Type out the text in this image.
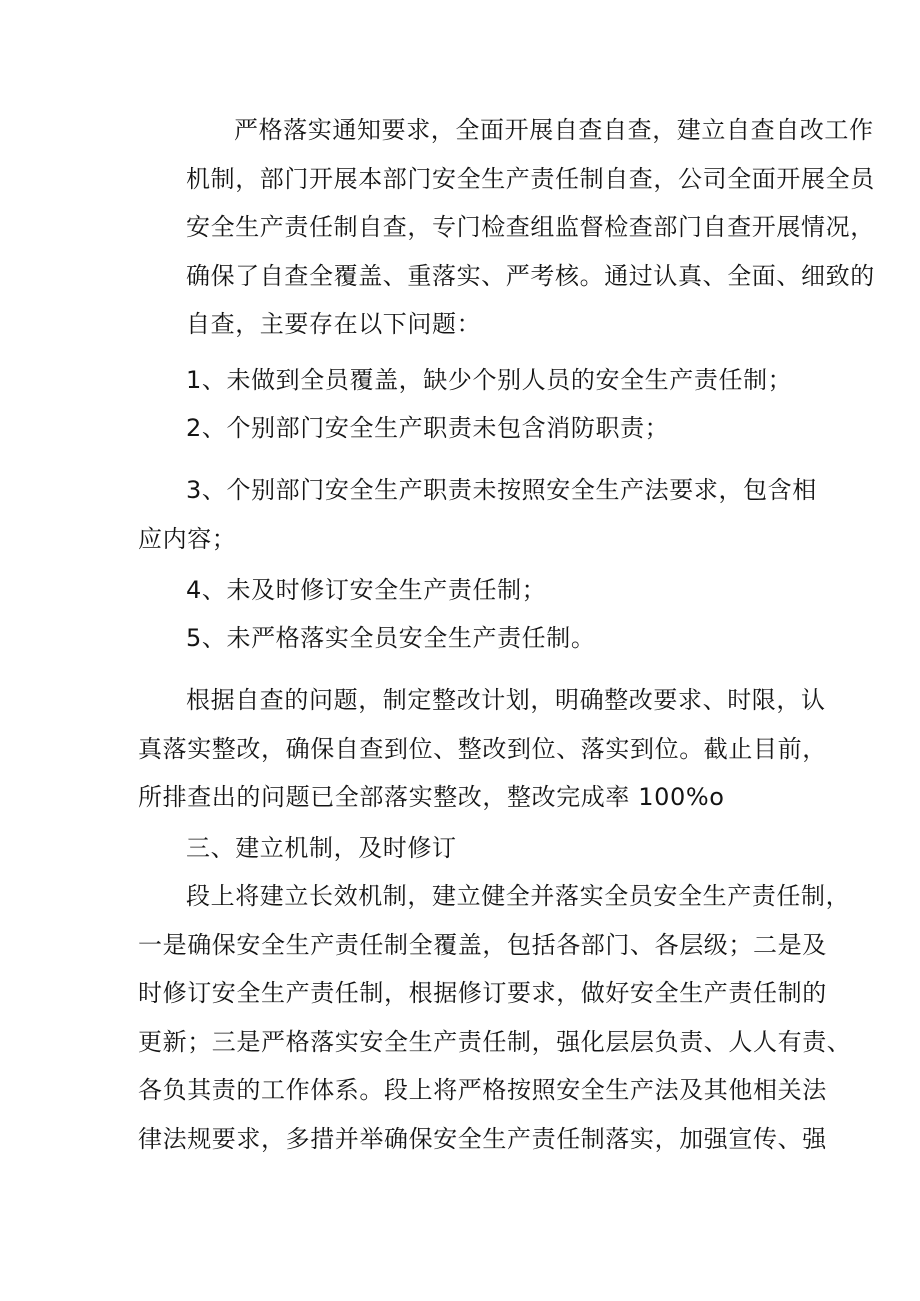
严格落实通知要求，全面开展自查自查，建立自查自改工作
机制，部门开展本部门安全生产责任制自查，公司全面开展全员
安全生产责任制自查，专门检查组监督检查部门自查开展情况，
确保了自查全覆盖、重落实、严考核。通过认真、全面、细致的
自查，主要存在以下问题：

1、未做到全员覆盖，缺少个别人员的安全生产责任制；

2、个别部门安全生产职责未包含消防职责；

3、个别部门安全生产职责未按照安全生产法要求，包含相
应内容；

4、未及时修订安全生产责任制；

5、未严格落实全员安全生产责任制。

根据自查的问题，制定整改计划，明确整改要求、时限，认
真落实整改，确保自查到位、整改到位、落实到位。截止目前，
所排查出的问题已全部落实整改，整改完成率 100%o

三、建立机制，及时修订

段上将建立长效机制，建立健全并落实全员安全生产责任制，
一是确保安全生产责任制全覆盖，包括各部门、各层级；二是及
时修订安全生产责任制，根据修订要求，做好安全生产责任制的
更新；三是严格落实安全生产责任制，强化层层负责、人人有责、
各负其责的工作体系。段上将严格按照安全生产法及其他相关法
律法规要求，多措并举确保安全生产责任制落实，加强宣传、强
